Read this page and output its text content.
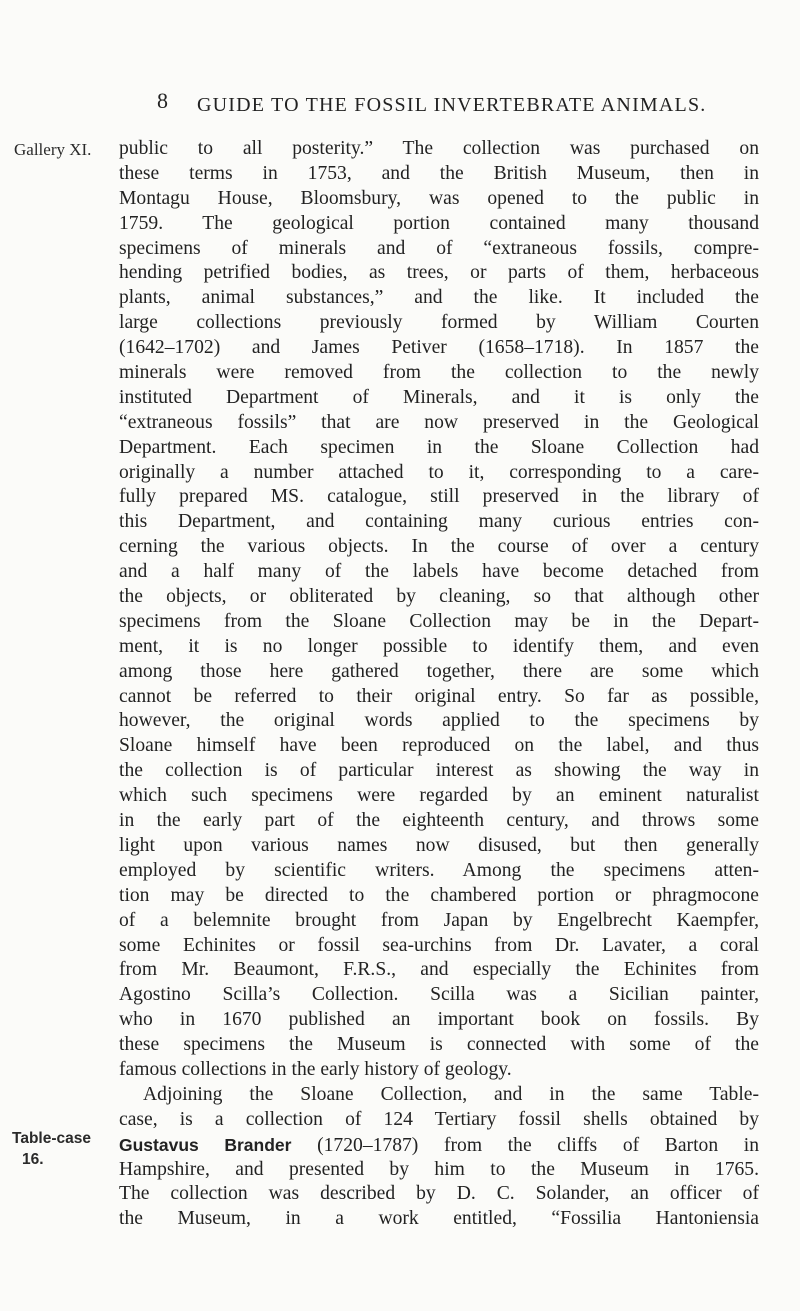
8 GUIDE TO THE FOSSIL INVERTEBRATE ANIMALS.
Gallery XI.
Table-case
16.

public to all posterity.” The collection was purchased on
these terms in 1753, and the British Museum, then in
Montagu House, Bloomsbury, was opened to the public in
1759. The geological portion contained many thousand
specimens of minerals and of “extraneous fossils, compre-
hending petrified bodies, as trees, or parts of them, herbaceous
plants, animal substances,” and the like. It included the
large collections previously formed by William Courten
(1642–1702) and James Petiver (1658–1718). In 1857 the
minerals were removed from the collection to the newly
instituted Department of Minerals, and it is only the
“extraneous fossils” that are now preserved in the Geological
Department. Each specimen in the Sloane Collection had
originally a number attached to it, corresponding to a care-
fully prepared MS. catalogue, still preserved in the library of
this Department, and containing many curious entries con-
cerning the various objects. In the course of over a century
and a half many of the labels have become detached from
the objects, or obliterated by cleaning, so that although other
specimens from the Sloane Collection may be in the Depart-
ment, it is no longer possible to identify them, and even
among those here gathered together, there are some which
cannot be referred to their original entry. So far as possible,
however, the original words applied to the specimens by
Sloane himself have been reproduced on the label, and thus
the collection is of particular interest as showing the way in
which such specimens were regarded by an eminent naturalist
in the early part of the eighteenth century, and throws some
light upon various names now disused, but then generally
employed by scientific writers. Among the specimens atten-
tion may be directed to the chambered portion or phragmocone
of a belemnite brought from Japan by Engelbrecht Kaempfer,
some Echinites or fossil sea-urchins from Dr. Lavater, a coral
from Mr. Beaumont, F.R.S., and especially the Echinites from
Agostino Scilla’s Collection. Scilla was a Sicilian painter,
who in 1670 published an important book on fossils. By
these specimens the Museum is connected with some of the
famous collections in the early history of geology.

Adjoining the Sloane Collection, and in the same Table-
case, is a collection of 124 Tertiary fossil shells obtained by
Gustavus Brander (1720–1787) from the cliffs of Barton in
Hampshire, and presented by him to the Museum in 1765.
The collection was described by D. C. Solander, an officer of
the Museum, in a work entitled, “Fossilia Hantoniensia
